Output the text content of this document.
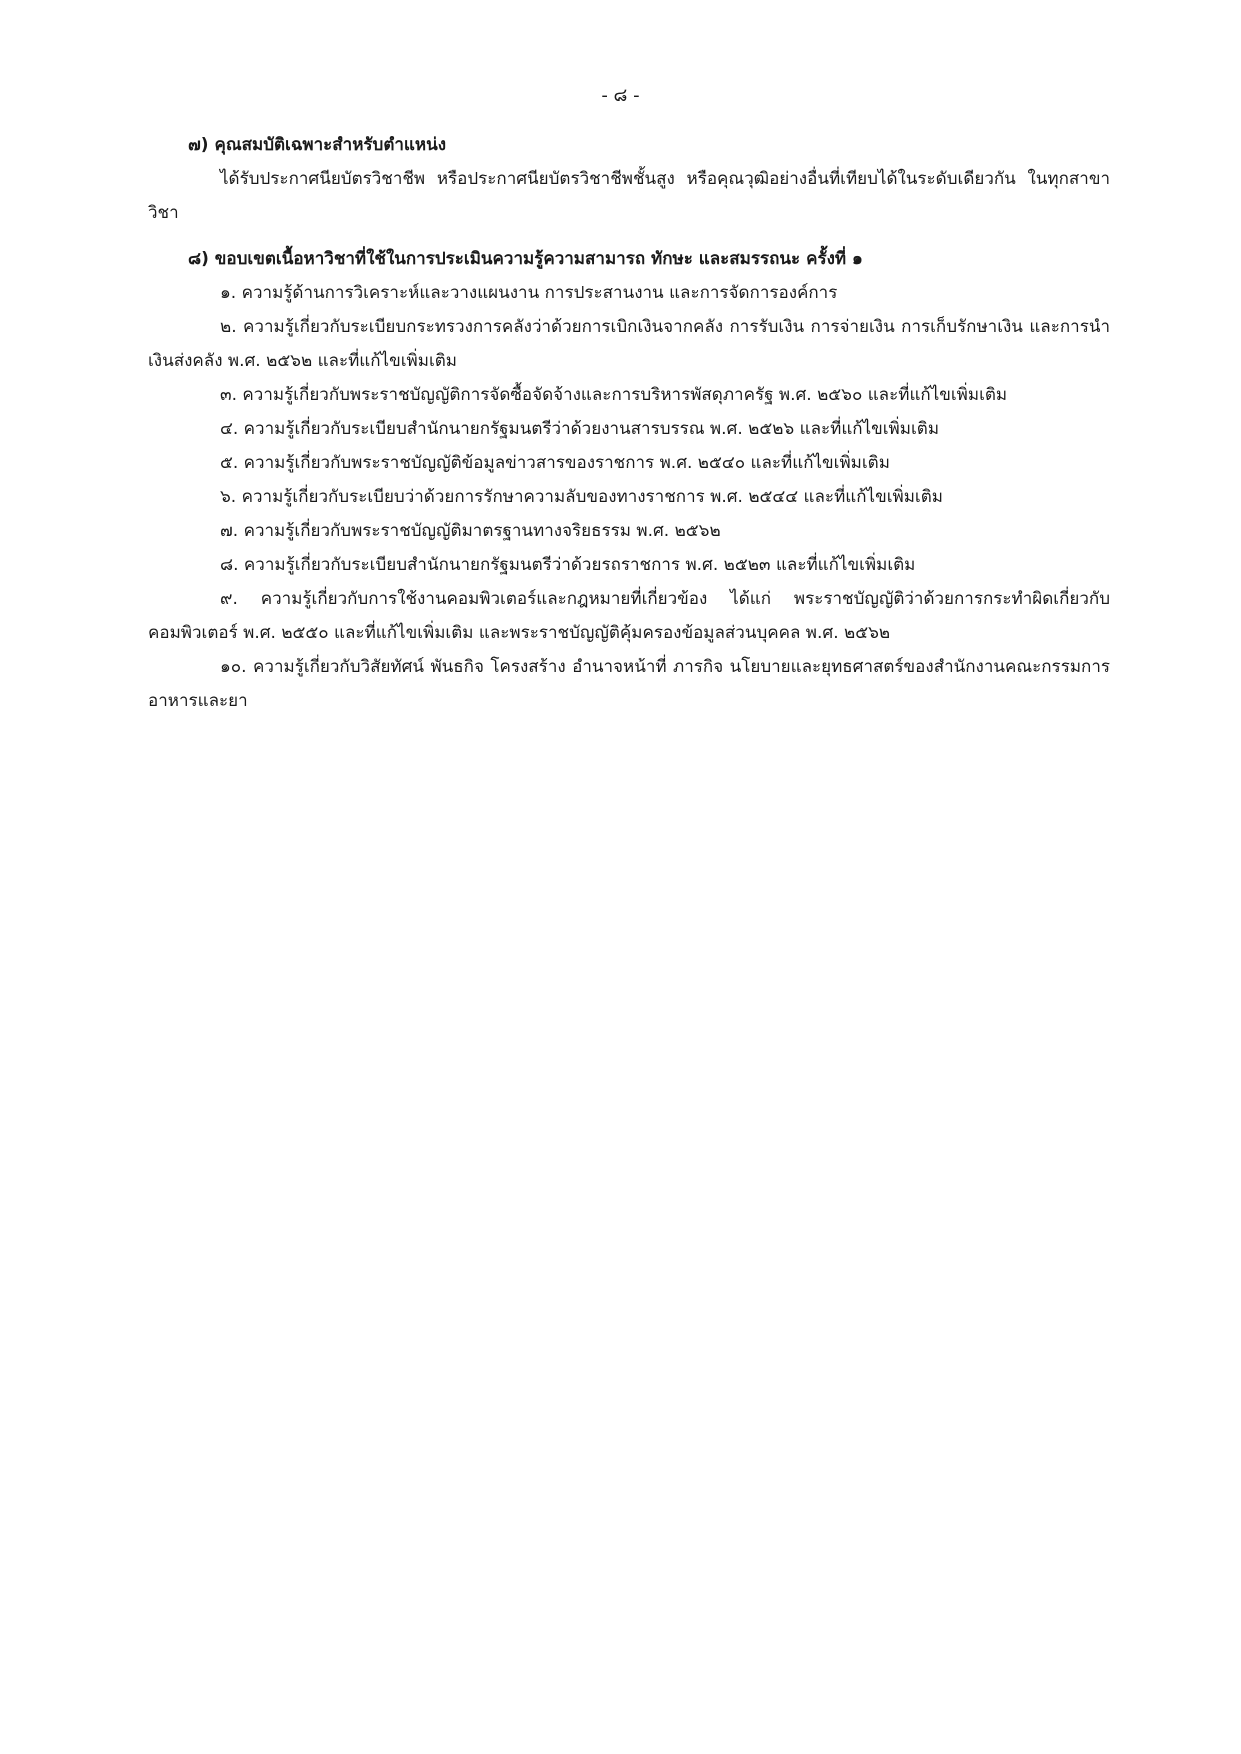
- ๘ -

๗) คุณสมบัติเฉพาะสำหรับตำแหน่ง

ได้รับประกาศนียบัตรวิชาชีพ หรือประกาศนียบัตรวิชาชีพชั้นสูง หรือคุณวุฒิอย่างอื่นที่เทียบได้ในระดับเดียวกัน ในทุกสาขาวิชา

๘) ขอบเขตเนื้อหาวิชาที่ใช้ในการประเมินความรู้ความสามารถ ทักษะ และสมรรถนะ ครั้งที่ ๑

๑. ความรู้ด้านการวิเคราะห์และวางแผนงาน การประสานงาน และการจัดการองค์การ

๒. ความรู้เกี่ยวกับระเบียบกระทรวงการคลังว่าด้วยการเบิกเงินจากคลัง การรับเงิน การจ่ายเงิน การเก็บรักษาเงิน และการนำเงินส่งคลัง พ.ศ. ๒๕๖๒ และที่แก้ไขเพิ่มเติม

๓. ความรู้เกี่ยวกับพระราชบัญญัติการจัดซื้อจัดจ้างและการบริหารพัสดุภาครัฐ พ.ศ. ๒๕๖๐ และที่แก้ไขเพิ่มเติม

๔. ความรู้เกี่ยวกับระเบียบสำนักนายกรัฐมนตรีว่าด้วยงานสารบรรณ พ.ศ. ๒๕๒๖ และที่แก้ไขเพิ่มเติม

๕. ความรู้เกี่ยวกับพระราชบัญญัติข้อมูลข่าวสารของราชการ พ.ศ. ๒๕๔๐ และที่แก้ไขเพิ่มเติม

๖. ความรู้เกี่ยวกับระเบียบว่าด้วยการรักษาความลับของทางราชการ พ.ศ. ๒๕๔๔ และที่แก้ไขเพิ่มเติม

๗. ความรู้เกี่ยวกับพระราชบัญญัติมาตรฐานทางจริยธรรม พ.ศ. ๒๕๖๒

๘. ความรู้เกี่ยวกับระเบียบสำนักนายกรัฐมนตรีว่าด้วยรถราชการ พ.ศ. ๒๕๒๓ และที่แก้ไขเพิ่มเติม

๙. ความรู้เกี่ยวกับการใช้งานคอมพิวเตอร์และกฎหมายที่เกี่ยวข้อง ได้แก่ พระราชบัญญัติว่าด้วยการกระทำผิดเกี่ยวกับคอมพิวเตอร์ พ.ศ. ๒๕๕๐ และที่แก้ไขเพิ่มเติม และพระราชบัญญัติคุ้มครองข้อมูลส่วนบุคคล พ.ศ. ๒๕๖๒

๑๐. ความรู้เกี่ยวกับวิสัยทัศน์ พันธกิจ โครงสร้าง อำนาจหน้าที่ ภารกิจ นโยบายและยุทธศาสตร์ของสำนักงานคณะกรรมการอาหารและยา
